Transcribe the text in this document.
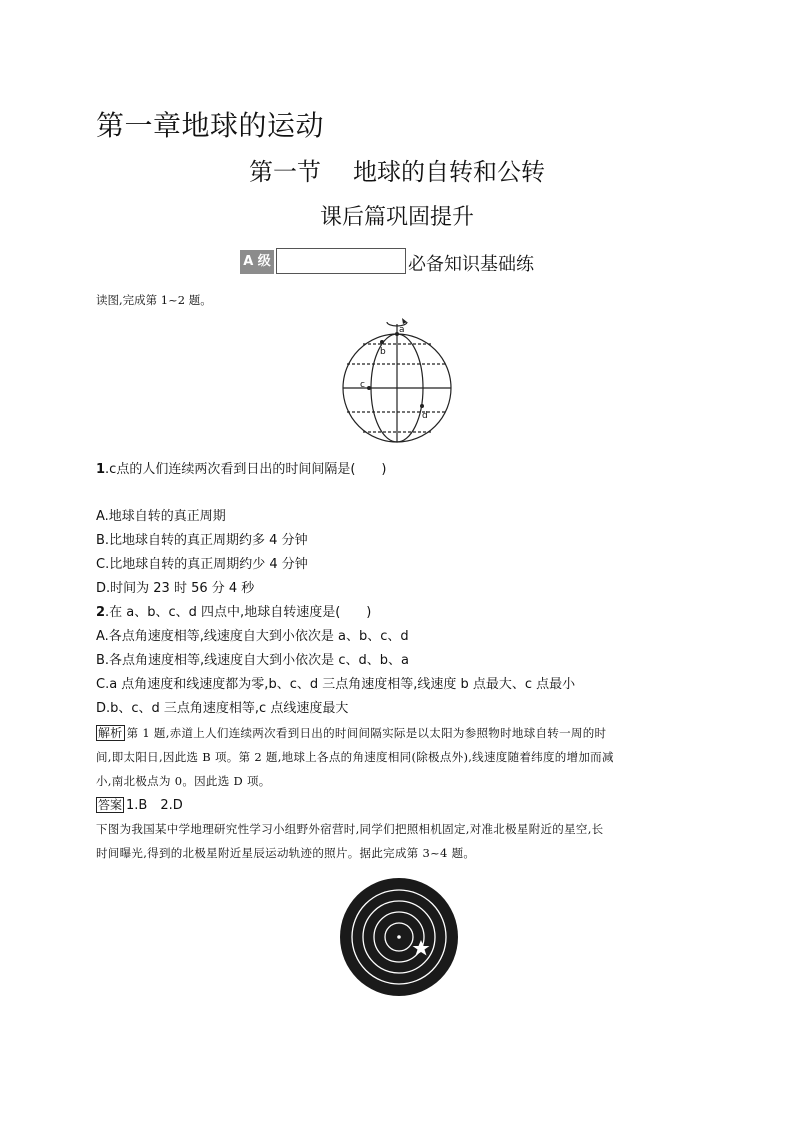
第一章地球的运动
第一节 地球的自转和公转
课后篇巩固提升
A 级	必备知识基础练
读图,完成第 1~2 题。
a
b
c
d
1.c点的人们连续两次看到日出的时间间隔是(　　)
A.地球自转的真正周期
B.比地球自转的真正周期约多 4 分钟
C.比地球自转的真正周期约少 4 分钟
D.时间为 23 时 56 分 4 秒
2.在 a、b、c、d 四点中,地球自转速度是(　　)
A.各点角速度相等,线速度自大到小依次是 a、b、c、d
B.各点角速度相等,线速度自大到小依次是 c、d、b、a
C.a 点角速度和线速度都为零,b、c、d 三点角速度相等,线速度 b 点最大、c 点最小
D.b、c、d 三点角速度相等,c 点线速度最大
解析 第 1 题,赤道上人们连续两次看到日出的时间间隔实际是以太阳为参照物时地球自转一周的时
间,即太阳日,因此选 B 项。第 2 题,地球上各点的角速度相同(除极点外),线速度随着纬度的增加而减
小,南北极点为 0。因此选 D 项。
答案 1.B　2.D
下图为我国某中学地理研究性学习小组野外宿营时,同学们把照相机固定,对准北极星附近的星空,长
时间曝光,得到的北极星附近星辰运动轨迹的照片。据此完成第 3~4 题。
